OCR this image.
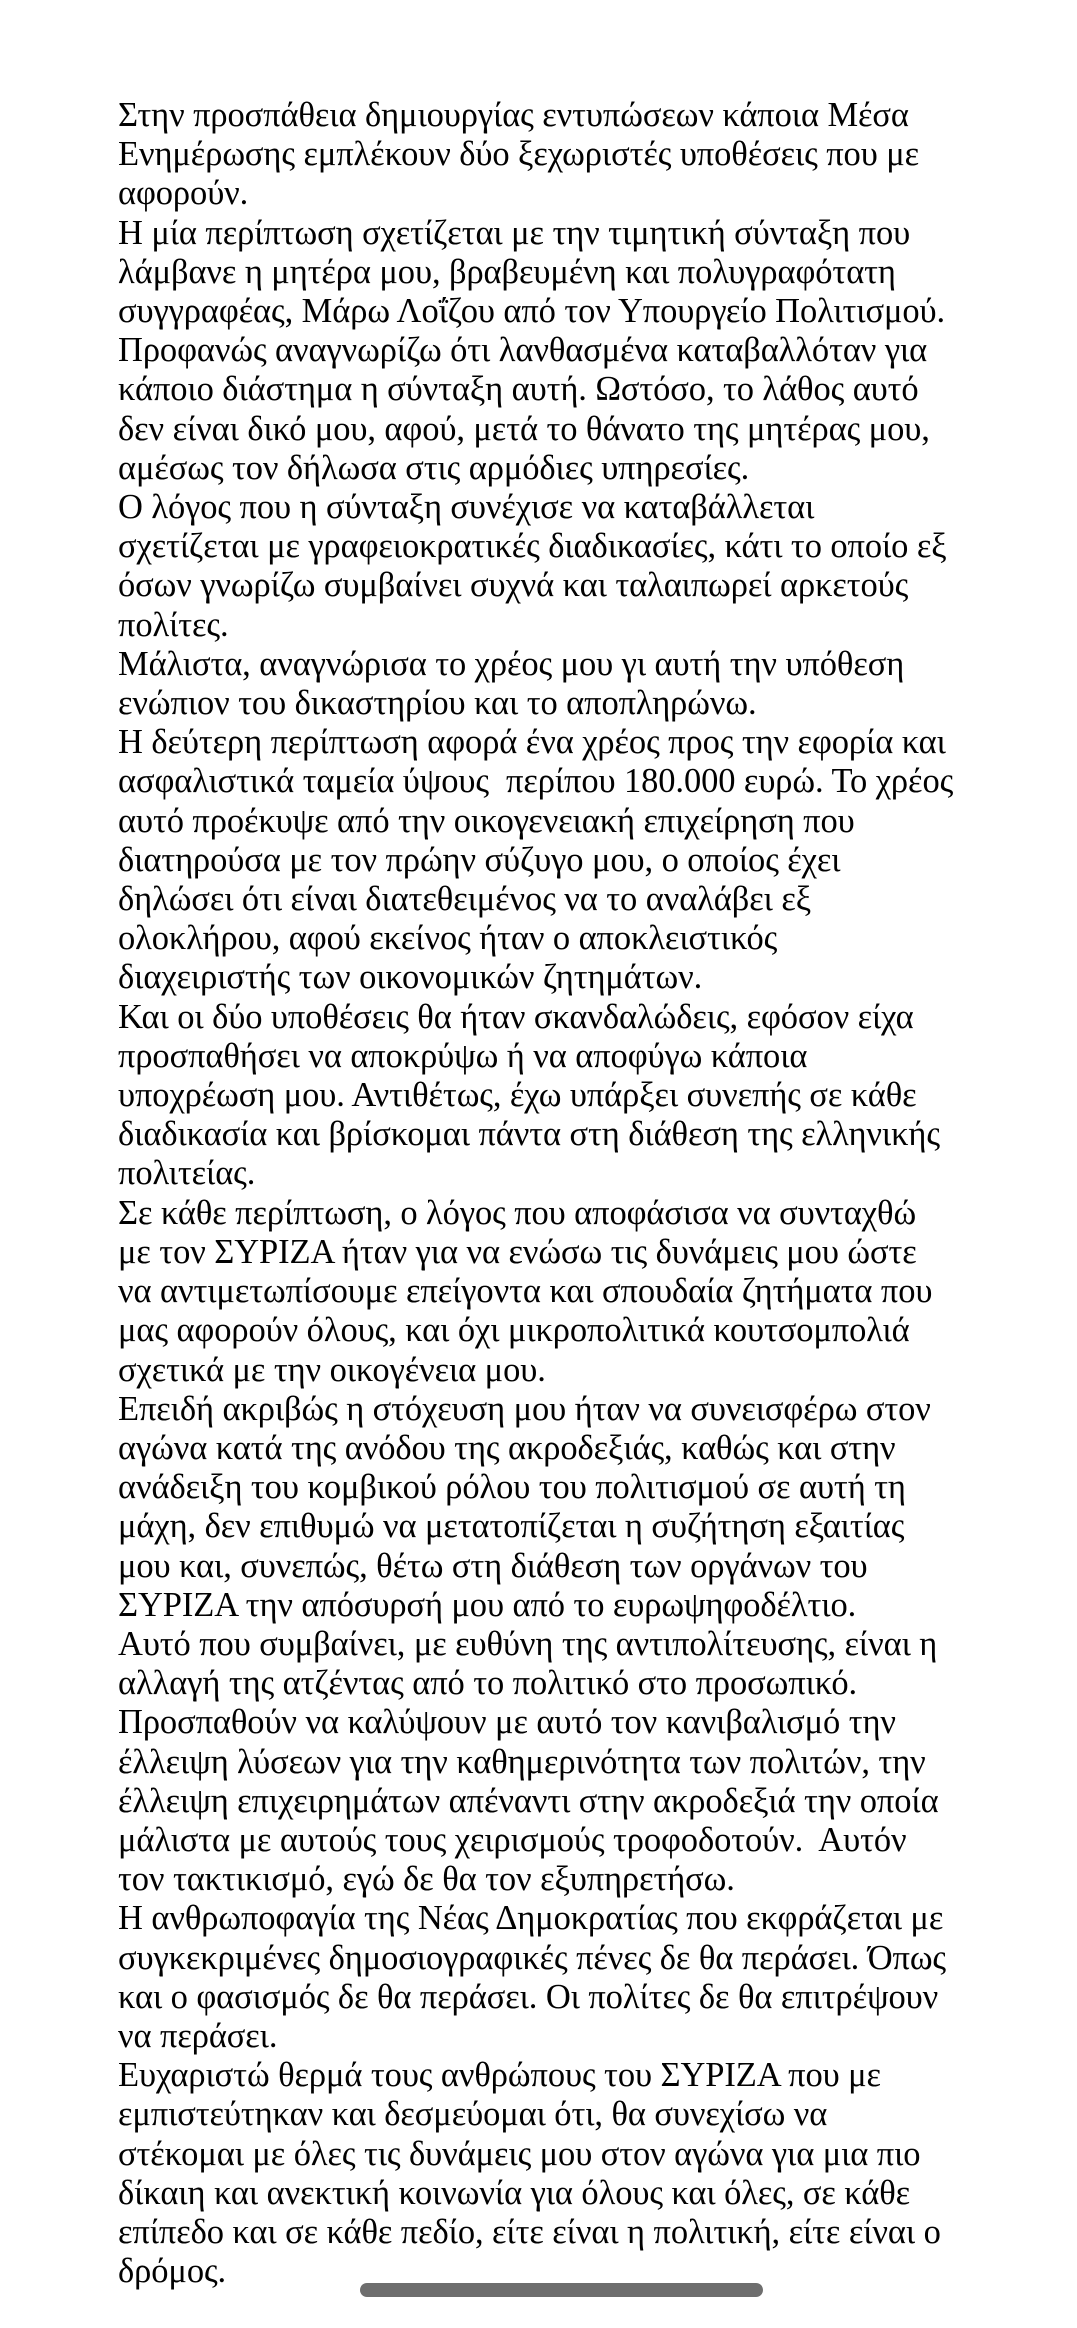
Στην προσπάθεια δημιουργίας εντυπώσεων κάποια Μέσα Ενημέρωσης εμπλέκουν δύο ξεχωριστές υποθέσεις που με αφορούν.

Η μία περίπτωση σχετίζεται με την τιμητική σύνταξη που λάμβανε η μητέρα μου, βραβευμένη και πολυγραφότατη συγγραφέας, Μάρω Λοΐζου από τον Υπουργείο Πολιτισμού. Προφανώς αναγνωρίζω ότι λανθασμένα καταβαλλόταν για κάποιο διάστημα η σύνταξη αυτή. Ωστόσο, το λάθος αυτό δεν είναι δικό μου, αφού, μετά το θάνατο της μητέρας μου, αμέσως τον δήλωσα στις αρμόδιες υπηρεσίες.

Ο λόγος που η σύνταξη συνέχισε να καταβάλλεται σχετίζεται με γραφειοκρατικές διαδικασίες, κάτι το οποίο εξ όσων γνωρίζω συμβαίνει συχνά και ταλαιπωρεί αρκετούς πολίτες.

Μάλιστα, αναγνώρισα το χρέος μου γι αυτή την υπόθεση ενώπιον του δικαστηρίου και το αποπληρώνω.

Η δεύτερη περίπτωση αφορά ένα χρέος προς την εφορία και ασφαλιστικά ταμεία ύψους  περίπου 180.000 ευρώ. Το χρέος αυτό προέκυψε από την οικογενειακή επιχείρηση που διατηρούσα με τον πρώην σύζυγο μου, ο οποίος έχει δηλώσει ότι είναι διατεθειμένος να το αναλάβει εξ ολοκλήρου, αφού εκείνος ήταν ο αποκλειστικός διαχειριστής των οικονομικών ζητημάτων.

Και οι δύο υποθέσεις θα ήταν σκανδαλώδεις, εφόσον είχα προσπαθήσει να αποκρύψω ή να αποφύγω κάποια υποχρέωση μου. Αντιθέτως, έχω υπάρξει συνεπής σε κάθε διαδικασία και βρίσκομαι πάντα στη διάθεση της ελληνικής πολιτείας.

Σε κάθε περίπτωση, ο λόγος που αποφάσισα να συνταχθώ με τον ΣΥΡΙΖΑ ήταν για να ενώσω τις δυνάμεις μου ώστε να αντιμετωπίσουμε επείγοντα και σπουδαία ζητήματα που μας αφορούν όλους, και όχι μικροπολιτικά κουτσομπολιά σχετικά με την οικογένεια μου.

Επειδή ακριβώς η στόχευση μου ήταν να συνεισφέρω στον αγώνα κατά της ανόδου της ακροδεξιάς, καθώς και στην ανάδειξη του κομβικού ρόλου του πολιτισμού σε αυτή τη μάχη, δεν επιθυμώ να μετατοπίζεται η συζήτηση εξαιτίας μου και, συνεπώς, θέτω στη διάθεση των οργάνων του ΣΥΡΙΖΑ την απόσυρσή μου από το ευρωψηφοδέλτιο.

Αυτό που συμβαίνει, με ευθύνη της αντιπολίτευσης, είναι η αλλαγή της ατζέντας από το πολιτικό στο προσωπικό.

Προσπαθούν να καλύψουν με αυτό τον κανιβαλισμό την έλλειψη λύσεων για την καθημερινότητα των πολιτών, την έλλειψη επιχειρημάτων απέναντι στην ακροδεξιά την οποία μάλιστα με αυτούς τους χειρισμούς τροφοδοτούν.  Αυτόν τον τακτικισμό, εγώ δε θα τον εξυπηρετήσω.

Η ανθρωποφαγία της Νέας Δημοκρατίας που εκφράζεται με συγκεκριμένες δημοσιογραφικές πένες δε θα περάσει. Όπως και ο φασισμός δε θα περάσει. Οι πολίτες δε θα επιτρέψουν να περάσει.

Ευχαριστώ θερμά τους ανθρώπους του ΣΥΡΙΖΑ που με εμπιστεύτηκαν και δεσμεύομαι ότι, θα συνεχίσω να στέκομαι με όλες τις δυνάμεις μου στον αγώνα για μια πιο δίκαιη και ανεκτική κοινωνία για όλους και όλες, σε κάθε επίπεδο και σε κάθε πεδίο, είτε είναι η πολιτική, είτε είναι ο δρόμος.
